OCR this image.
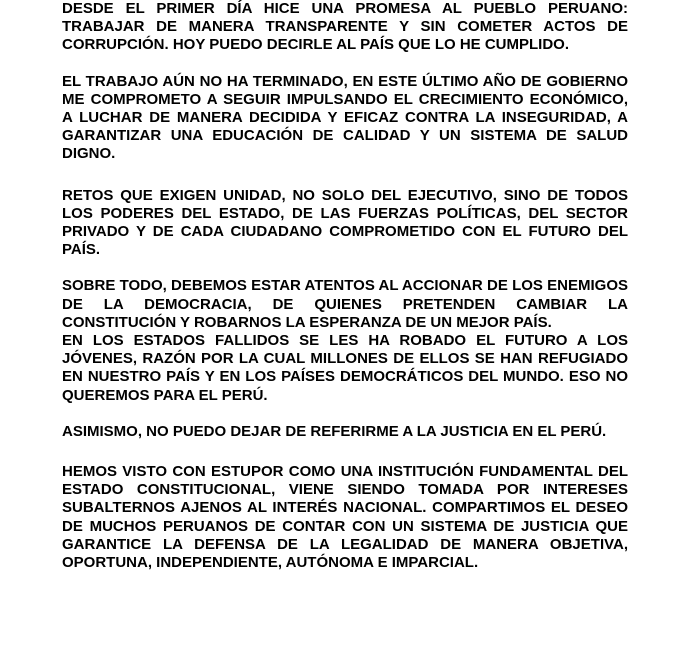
DESDE EL PRIMER DÍA HICE UNA PROMESA AL PUEBLO PERUANO: TRABAJAR DE MANERA TRANSPARENTE Y SIN COMETER ACTOS DE CORRUPCIÓN. HOY PUEDO DECIRLE AL PAÍS QUE LO HE CUMPLIDO.

EL TRABAJO AÚN NO HA TERMINADO, EN ESTE ÚLTIMO AÑO DE GOBIERNO ME COMPROMETO A SEGUIR IMPULSANDO EL CRECIMIENTO ECONÓMICO, A LUCHAR DE MANERA DECIDIDA Y EFICAZ CONTRA LA INSEGURIDAD, A GARANTIZAR UNA EDUCACIÓN DE CALIDAD Y UN SISTEMA DE SALUD DIGNO.

RETOS QUE EXIGEN UNIDAD, NO SOLO DEL EJECUTIVO, SINO DE TODOS LOS PODERES DEL ESTADO, DE LAS FUERZAS POLÍTICAS, DEL SECTOR PRIVADO Y DE CADA CIUDADANO COMPROMETIDO CON EL FUTURO DEL PAÍS.

SOBRE TODO, DEBEMOS ESTAR ATENTOS AL ACCIONAR DE LOS ENEMIGOS DE LA DEMOCRACIA, DE QUIENES PRETENDEN CAMBIAR LA CONSTITUCIÓN Y ROBARNOS LA ESPERANZA DE UN MEJOR PAÍS.

EN LOS ESTADOS FALLIDOS SE LES HA ROBADO EL FUTURO A LOS JÓVENES, RAZÓN POR LA CUAL MILLONES DE ELLOS SE HAN REFUGIADO EN NUESTRO PAÍS Y EN LOS PAÍSES DEMOCRÁTICOS DEL MUNDO. ESO NO QUEREMOS PARA EL PERÚ.

ASIMISMO, NO PUEDO DEJAR DE REFERIRME A LA JUSTICIA EN EL PERÚ.

HEMOS VISTO CON ESTUPOR COMO UNA INSTITUCIÓN FUNDAMENTAL DEL ESTADO CONSTITUCIONAL, VIENE SIENDO TOMADA POR INTERESES SUBALTERNOS AJENOS AL INTERÉS NACIONAL. COMPARTIMOS EL DESEO DE MUCHOS PERUANOS DE CONTAR CON UN SISTEMA DE JUSTICIA QUE GARANTICE LA DEFENSA DE LA LEGALIDAD DE MANERA OBJETIVA, OPORTUNA, INDEPENDIENTE, AUTÓNOMA E IMPARCIAL.
